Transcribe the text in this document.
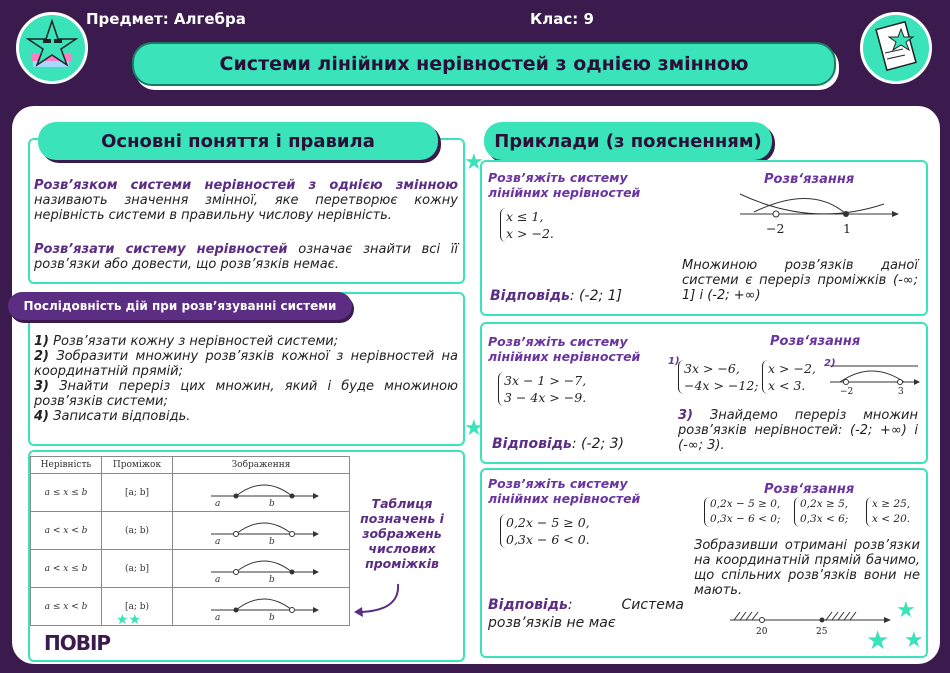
Предмет: Алгебра	Клас: 9
Системи лінійних нерівностей з однією змінною
Основні поняття і правила
Розв’язком системи нерівностей з однією змінною називають значення змінної, яке перетворює кожну нерівність системи в правильну числову нерівність.
Розв’язати систему нерівностей означає знайти всі її розв’язки або довести, що розв’язків немає.
Послідовність дій при розв’язуванні системи
1) Розв’язати кожну з нерівностей системи;
2) Зобразити множину розв’язків кожної з нерівностей на координатній прямій;
3) Знайти переріз цих множин, який і буде множиною розв’язків системи;
4) Записати відповідь.
Нерівність	Проміжок	Зображення
a ≤ x ≤ b	[a; b]	a b

a < x < b	(a; b)	a b

a < x ≤ b	(a; b]	a b

a ≤ x < b	[a; b)	a b
Таблиця позначень і зображень числових проміжків
ПОВІР
★★
Приклади (з поясненням)
Розв’яжіть систему лінійних нерівностей
x ≤ 1,
x > −2.
Розв‘язання
−2	1
Множиною розв’язків даної системи є переріз проміжків (-∞; 1] і (-2; +∞)
Відповідь: (-2; 1]
Розв’яжіть систему лінійних нерівностей
3x − 1 > −7,
3 − 4x > −9.
Розв‘язання
1) 3x > −6,
−4x > −12;
x > −2,
x < 3.
2)
−2	3
3) Знайдемо переріз множин розв’язків нерівностей: (-2; +∞) і (-∞; 3).
Відповідь: (-2; 3)
Розв’яжіть систему лінійних нерівностей
0,2x − 5 ≥ 0,
0,3x − 6 < 0.
Розв‘язання
0,2x − 5 ≥ 0,
0,3x − 6 < 0;
0,2x ≥ 5,
0,3x < 6;
x ≥ 25,
x < 20.
Зобразивши отримані розв’язки на координатній прямій бачимо, що спільних розв’язків вони не мають.
20	25
Відповідь: Система розв’язків не має
★
★
★
★ ★
